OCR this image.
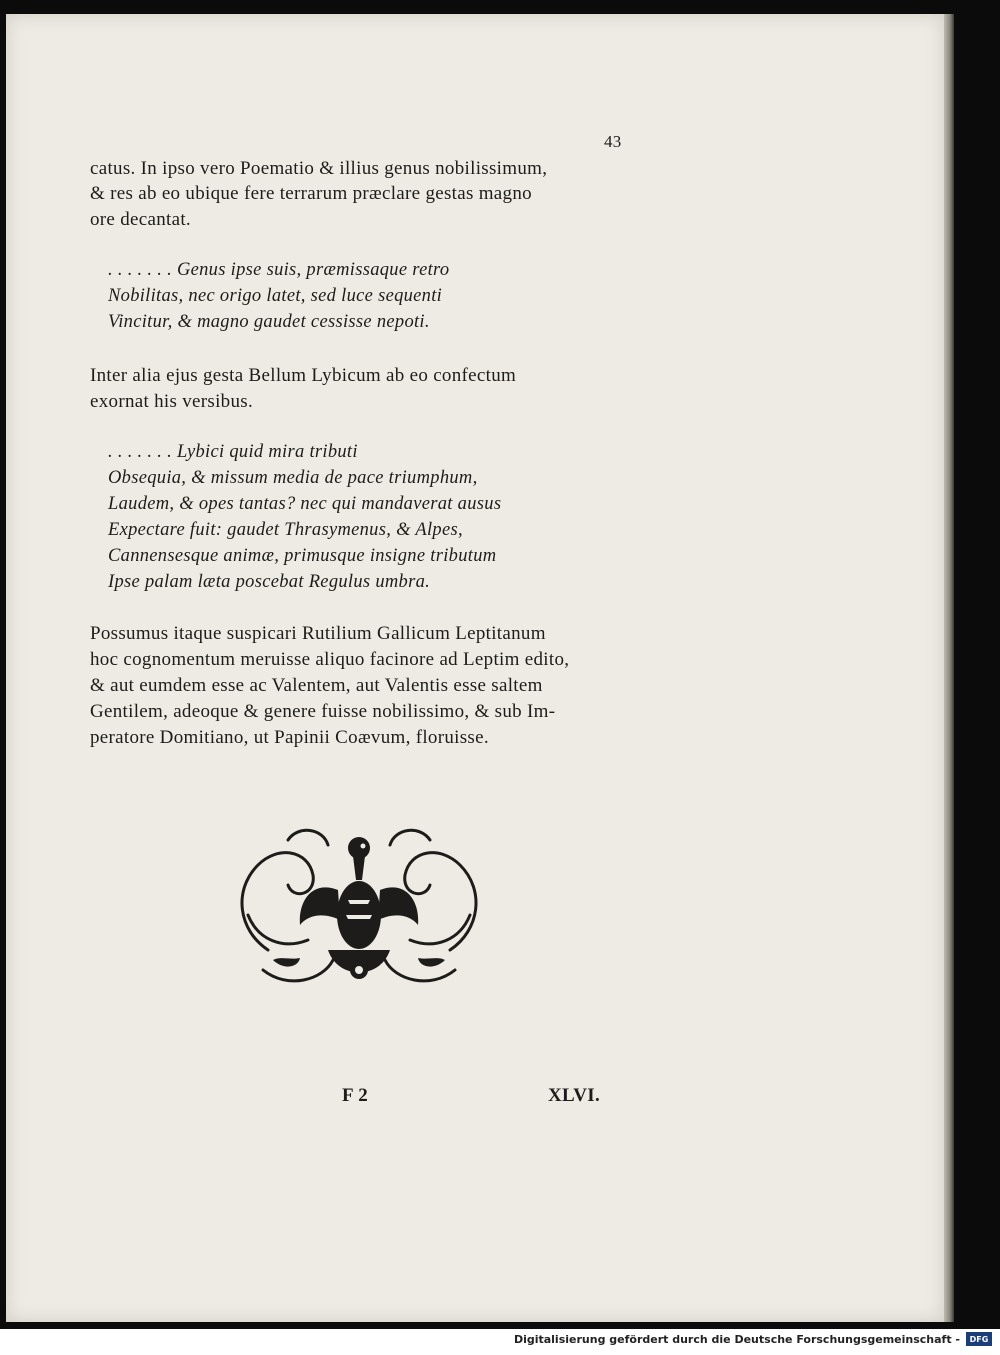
43
catus. In ipso vero Poematio & illius genus nobilissimum,
& res ab eo ubique fere terrarum præclare gestas magno
ore decantat.
. . . . . . . Genus ipse suis, præmissaque retro
Nobilitas, nec origo latet, sed luce sequenti
Vincitur, & magno gaudet cessisse nepoti.
Inter alia ejus gesta Bellum Lybicum ab eo confectum
exornat his versibus.
. . . . . . . Lybici quid mira tributi
Obsequia, & missum media de pace triumphum,
Laudem, & opes tantas? nec qui mandaverat ausus
Expectare fuit: gaudet Thrasymenus, & Alpes,
Cannensesque animæ, primusque insigne tributum
Ipse palam læta poscebat Regulus umbra.
Possumus itaque suspicari Rutilium Gallicum Leptitanum
hoc cognomentum meruisse aliquo facinore ad Leptim edito,
& aut eumdem esse ac Valentem, aut Valentis esse saltem
Gentilem, adeoque & genere fuisse nobilissimo, & sub Im-
peratore Domitiano, ut Papinii Coævum, floruisse.
F 2	XLVI.
Digitalisierung gefördert durch die Deutsche Forschungsgemeinschaft -	DFG
